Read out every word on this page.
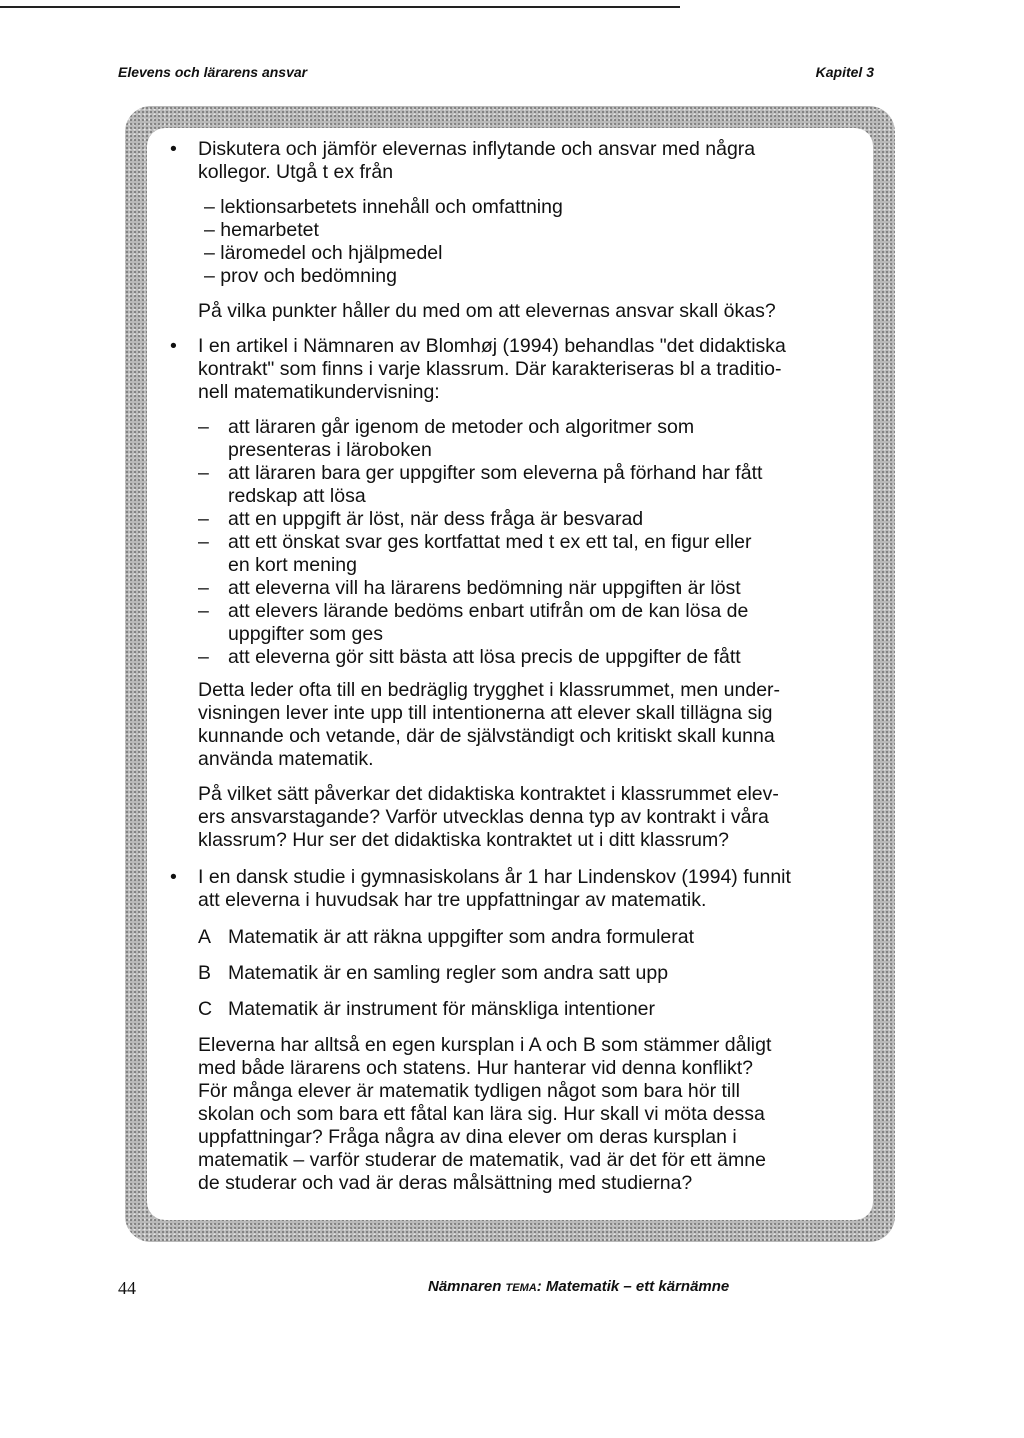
Elevens och lärarens ansvar	Kapitel 3

• Diskutera och jämför elevernas inflytande och ansvar med några

kollegor. Utgå t ex från

– lektionsarbetets innehåll och omfattning
– hemarbetet
– läromedel och hjälpmedel
– prov och bedömning

På vilka punkter håller du med om att elevernas ansvar skall ökas?

• I en artikel i Nämnaren av Blomhøj (1994) behandlas "det didaktiska

kontrakt" som finns i varje klassrum. Där karakteriseras bl a traditio-

nell matematikundervisning:

– att läraren går igenom de metoder och algoritmer som
presenteras i läroboken
– att läraren bara ger uppgifter som eleverna på förhand har fått
redskap att lösa
– att en uppgift är löst, när dess fråga är besvarad
– att ett önskat svar ges kortfattat med t ex ett tal, en figur eller
en kort mening
– att eleverna vill ha lärarens bedömning när uppgiften är löst
– att elevers lärande bedöms enbart utifrån om de kan lösa de
uppgifter som ges
– att eleverna gör sitt bästa att lösa precis de uppgifter de fått

Detta leder ofta till en bedräglig trygghet i klassrummet, men under-

visningen lever inte upp till intentionerna att elever skall tillägna sig

kunnande och vetande, där de självständigt och kritiskt skall kunna

använda matematik.

På vilket sätt påverkar det didaktiska kontraktet i klassrummet elev-

ers ansvarstagande? Varför utvecklas denna typ av kontrakt i våra

klassrum? Hur ser det didaktiska kontraktet ut i ditt klassrum?

• I en dansk studie i gymnasiskolans år 1 har Lindenskov (1994) funnit

att eleverna i huvudsak har tre uppfattningar av matematik.

A Matematik är att räkna uppgifter som andra formulerat
B Matematik är en samling regler som andra satt upp
C Matematik är instrument för mänskliga intentioner

Eleverna har alltså en egen kursplan i A och B som stämmer dåligt

med både lärarens och statens. Hur hanterar vid denna konflikt?

För många elever är matematik tydligen något som bara hör till

skolan och som bara ett fåtal kan lära sig. Hur skall vi möta dessa

uppfattningar? Fråga några av dina elever om deras kursplan i

matematik – varför studerar de matematik, vad är det för ett ämne

de studerar och vad är deras målsättning med studierna?

44	Nämnaren TEMA: Matematik – ett kärnämne
